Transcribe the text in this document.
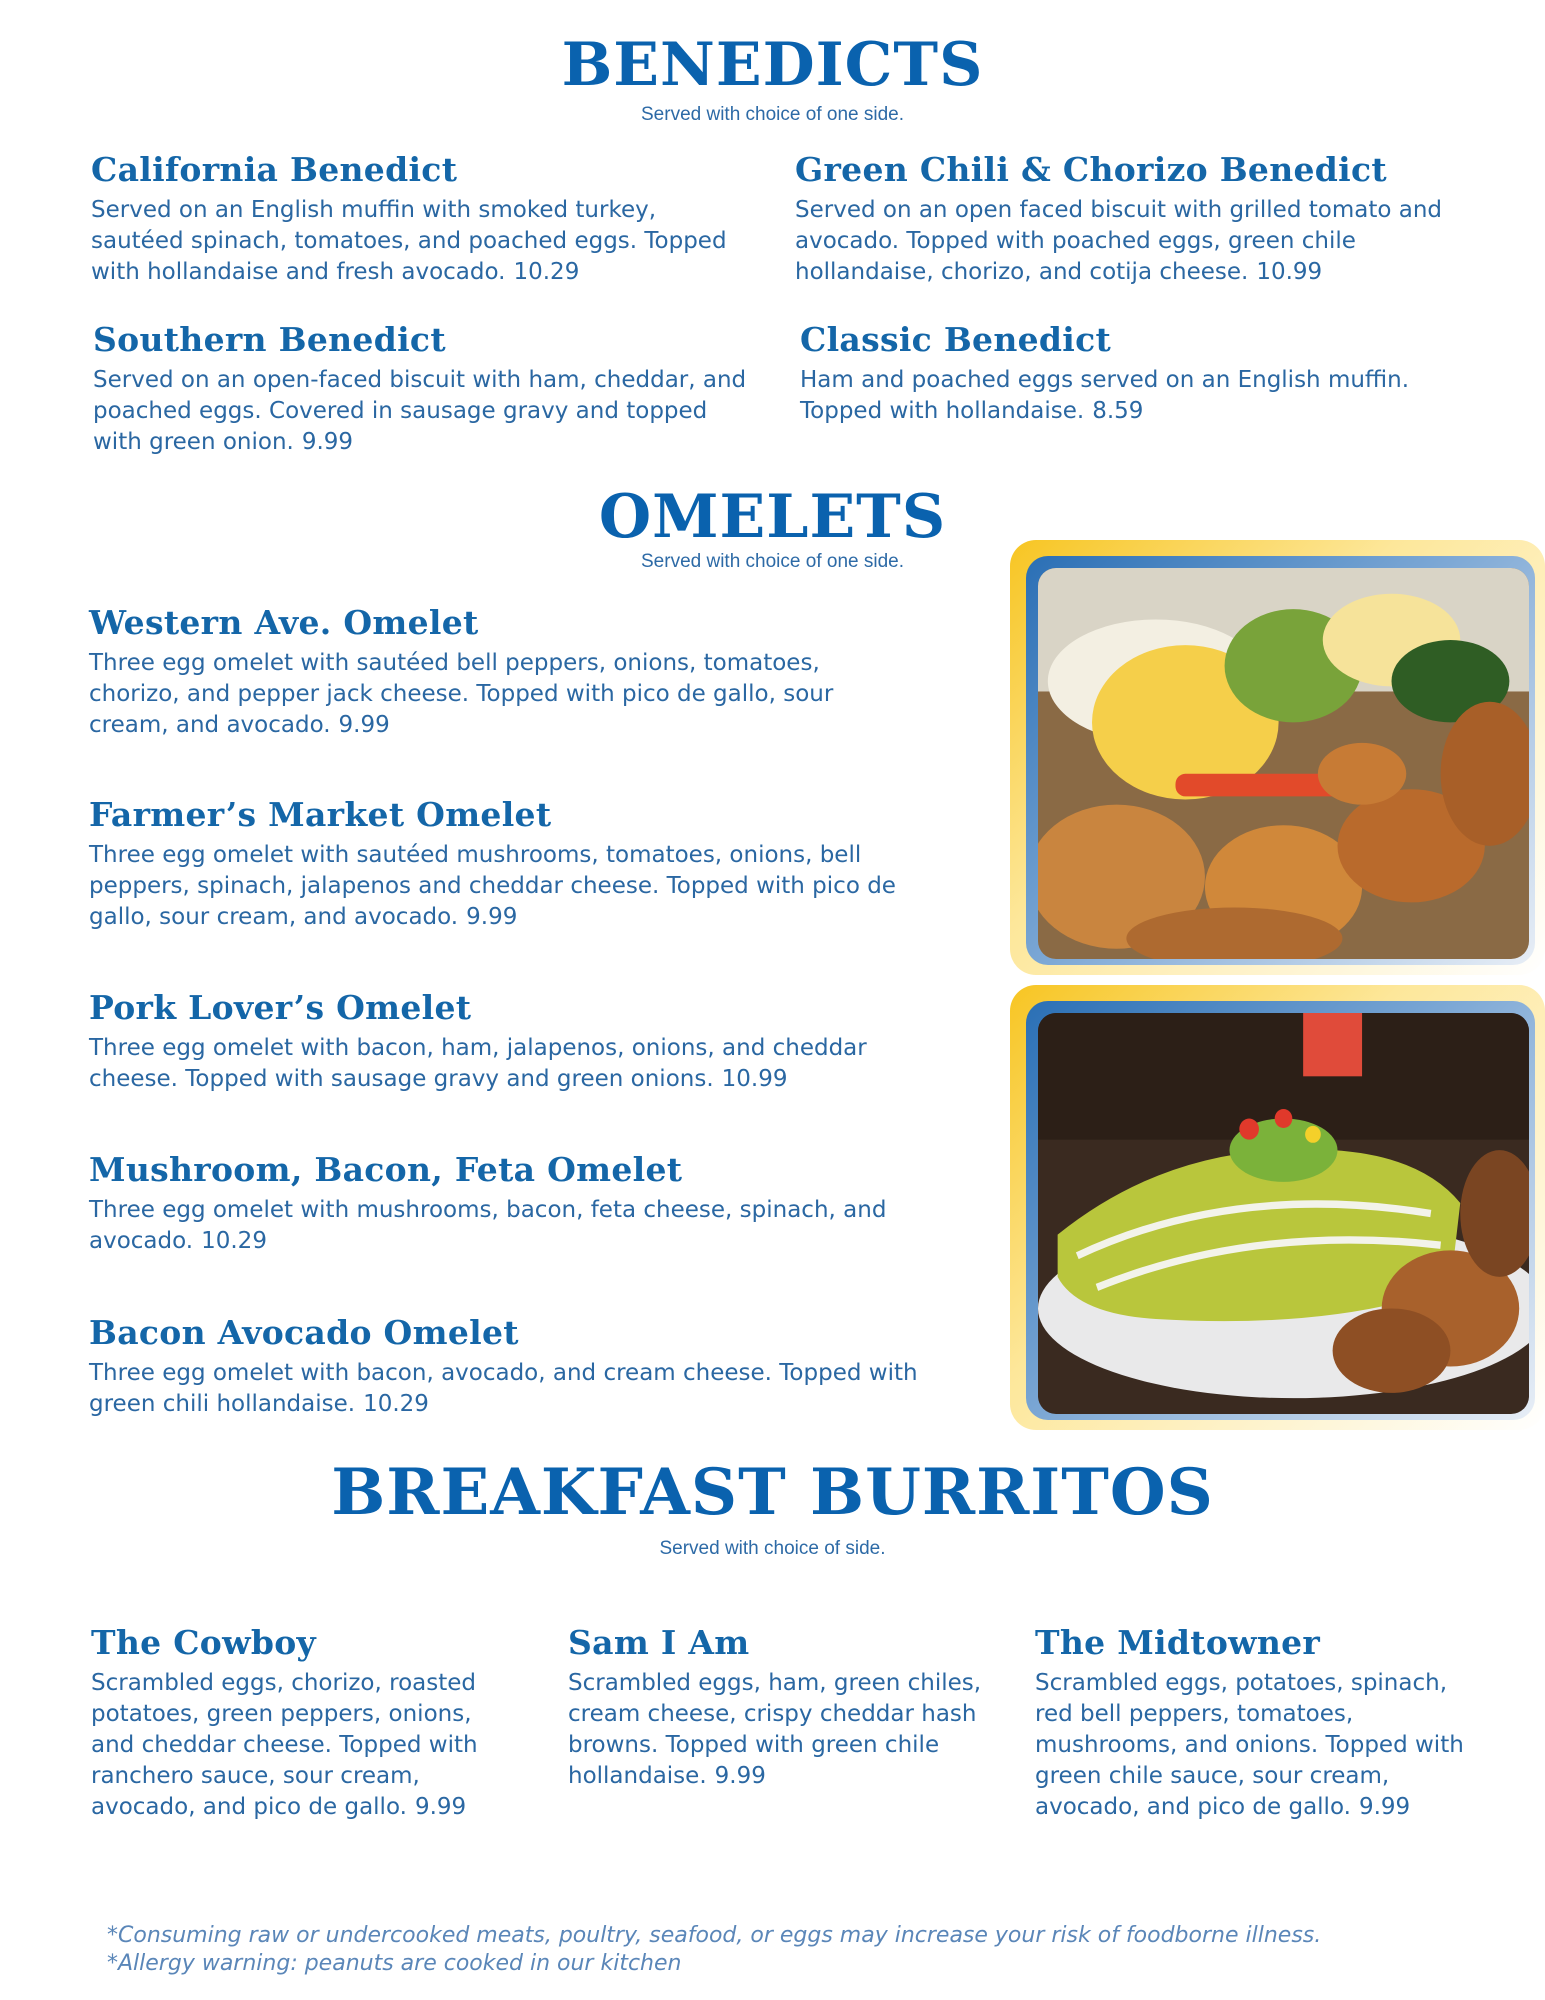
BENEDICTS

Served with choice of one side.

California Benedict

Served on an English muffin with smoked turkey, sautéed spinach, tomatoes, and poached eggs. Topped with hollandaise and fresh avocado. 10.29

Green Chili & Chorizo Benedict

Served on an open faced biscuit with grilled tomato and avocado. Topped with poached eggs, green chile hollandaise, chorizo, and cotija cheese. 10.99

Southern Benedict

Served on an open-faced biscuit with ham, cheddar, and poached eggs. Covered in sausage gravy and topped with green onion. 9.99

Classic Benedict

Ham and poached eggs served on an English muffin. Topped with hollandaise. 8.59

OMELETS

Served with choice of one side.

Western Ave. Omelet

Three egg omelet with sautéed bell peppers, onions, tomatoes, chorizo, and pepper jack cheese. Topped with pico de gallo, sour cream, and avocado. 9.99

Farmer’s Market Omelet

Three egg omelet with sautéed mushrooms, tomatoes, onions, bell peppers, spinach, jalapenos and cheddar cheese. Topped with pico de gallo, sour cream, and avocado. 9.99

Pork Lover’s Omelet

Three egg omelet with bacon, ham, jalapenos, onions, and cheddar cheese. Topped with sausage gravy and green onions. 10.99

Mushroom, Bacon, Feta Omelet

Three egg omelet with mushrooms, bacon, feta cheese, spinach, and avocado. 10.29

Bacon Avocado Omelet

Three egg omelet with bacon, avocado, and cream cheese. Topped with green chili hollandaise. 10.29

BREAKFAST BURRITOS

Served with choice of side.

The Cowboy

Scrambled eggs, chorizo, roasted potatoes, green peppers, onions, and cheddar cheese. Topped with ranchero sauce, sour cream, avocado, and pico de gallo. 9.99

Sam I Am

Scrambled eggs, ham, green chiles, cream cheese, crispy cheddar hash browns. Topped with green chile hollandaise. 9.99

The Midtowner

Scrambled eggs, potatoes, spinach, red bell peppers, tomatoes, mushrooms, and onions. Topped with green chile sauce, sour cream, avocado, and pico de gallo. 9.99

*Consuming raw or undercooked meats, poultry, seafood, or eggs may increase your risk of foodborne illness.

*Allergy warning: peanuts are cooked in our kitchen
